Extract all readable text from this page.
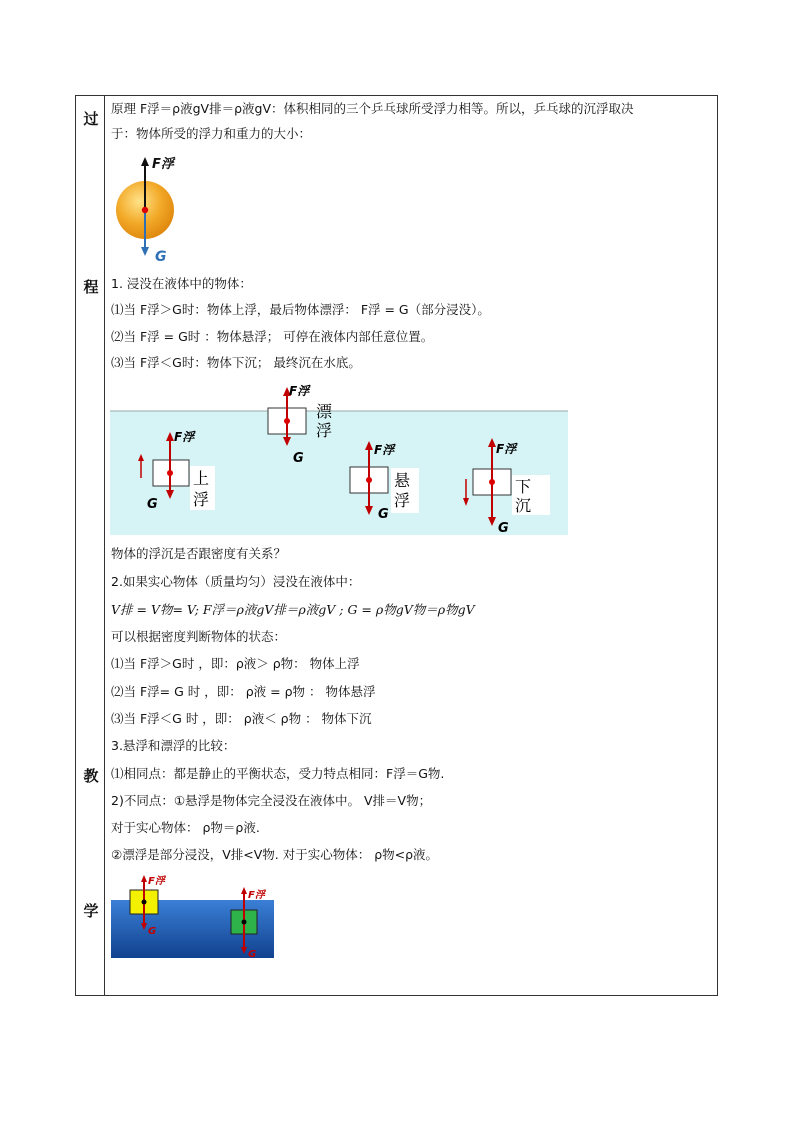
过
程
教
学
原理 F浮＝ρ液gV排＝ρ液gV：体积相同的三个乒乓球所受浮力相等。所以，乒乓球的沉浮取决
于：物体所受的浮力和重力的大小：
F浮
G
1. 浸没在液体中的物体：
⑴当 F浮＞G时：物体上浮，最后物体漂浮： F浮 = G（部分浸没）。
⑵当 F浮 = G时 ：物体悬浮； 可停在液体内部任意位置。
⑶当 F浮＜G时：物体下沉； 最终沉在水底。
F浮
G
上
浮
F浮
G
漂
浮
F浮
G
悬
浮
F浮
G
下
沉
物体的浮沉是否跟密度有关系？
2.如果实心物体（质量均匀）浸没在液体中：
V排 = V物= V; F浮＝ρ液gV排＝ρ液gV ; G = ρ物gV物＝ρ物gV
可以根据密度判断物体的状态：
⑴当 F浮＞G时 ，即：ρ液＞ ρ物： 物体上浮
⑵当 F浮= G 时 ，即： ρ液 = ρ物 ： 物体悬浮
⑶当 F浮＜G 时 ，即： ρ液＜ ρ物 ： 物体下沉
3.悬浮和漂浮的比较：
⑴相同点：都是静止的平衡状态，受力特点相同：F浮＝G物.
2)不同点：①悬浮是物体完全浸没在液体中。 V排＝V物；
对于实心物体： ρ物＝ρ液.
②漂浮是部分浸没，V排<V物. 对于实心物体： ρ物<ρ液。
F浮
G
F浮
G
